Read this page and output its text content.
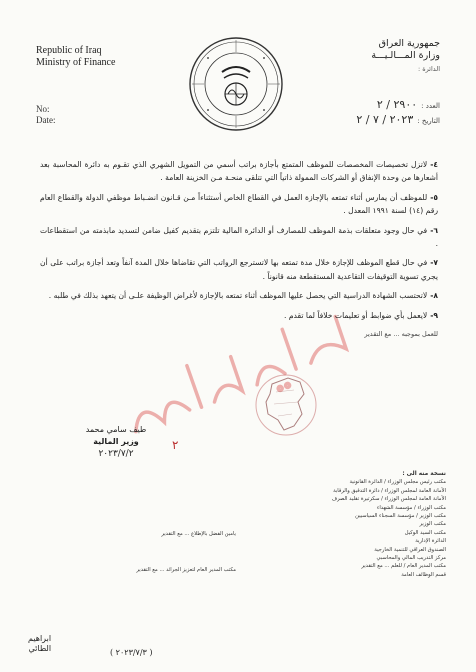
Republic of Iraq
Ministry of Finance
جمهورية العراق
وزارة المـــالـيـــة
الدائرة :
No:
Date:
العدد :
٢٩٠٠ / ٢
التاريخ :
٢٠٢٣ / ٧ / ٢

٤-لاتزل تخصيصات المخصصات للموظف المتمتع بأجازة براتب أسمي من التمويل الشهري الذي تقـوم به دائرة المحاسبة بعد أشعارها من وحدة الإنفاق أو الشركات الممولة ذاتياً التي تتلقى منحـة مـن الخزينة العامة .

٥-للموظف أن يمارس أثناء تمتعه بالإجازة العمل في القطاع الخاص أستثناءاً مـن قـانون انضـباط موظفي الدولة والقطاع العام رقم (١٤) لسنة ١٩٩١ المعدل .

٦-في حال وجود متعلقات بذمة الموظف للمصارف أو الدائرة المالية تلتزم بتقديم كفيل ضامن لتسديد مابذمته من استقطاعات .

٧-في حال قطع الموظف للإجازة خلال مدة تمتعه بها لاتسترجع الرواتب التي تقاضاها خلال المدة آنفاً وتعد أجازة براتب على أن يجري تسوية التوقيفات التقاعدية المستقطعة منه قانوناً .

٨-لاتحتسب الشهادة الدراسية التي يحصل عليها الموظف أثناء تمتعه بالإجازة لأغراض الوظيفة علـى أن يتعهد بذلك في طلبه .

٩-لايعمل بأي ضوابط أو تعليمات خلافاً لما تقدم .

للعمل بموجبه ... مع التقدير
طيف سامي محمد
وزير المالية
٢٠٢٣/٧/٢
٢
نسخة منه الى :
مكتب رئيس مجلس الوزراء / الدائرة القانونية
الأمانة العامة لمجلس الوزراء / دائرة التدقيق والرقابة
الأمانة العامة لمجلس الوزراء / سكرتيرة تقليد الصرف
مكتب الوزراء / مؤسسة الشهداء
مكتب الوزير / مؤسسة السجناء السياسيين
مكتب الوزير
مكتب السيد الوكيل
الدائرة الإدارية
الصندوق العراقي للتنمية الخارجية
مركز التدريب المالي والمحاسبي
مكتب المدير العام / للعلم ... مع التقدير
قسم الوظائف العامة
يامين الفضل بالإطلاع ... مع التقدير
مكتب المدير العام لتعزيز الجرائد ... مع التقدير
ابراهيم
الطائي	( ٢٠٢٣/٧/٣ )
